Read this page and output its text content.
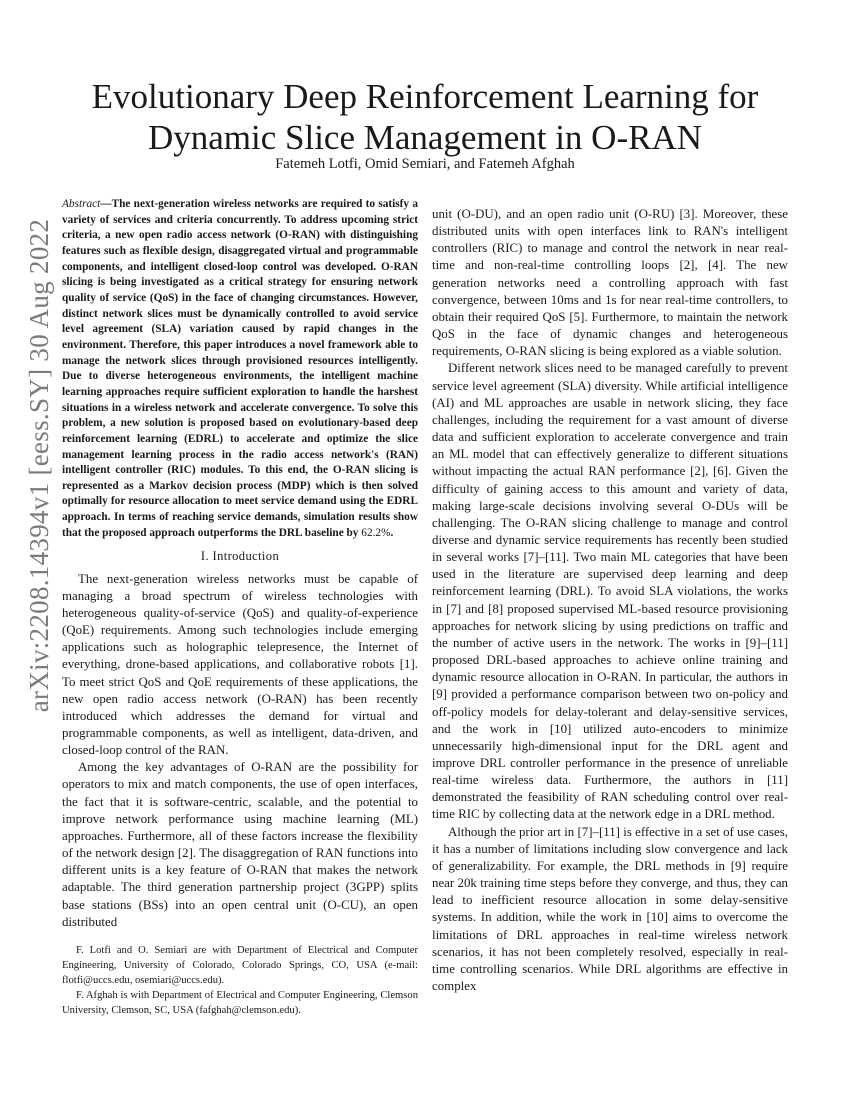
arXiv:2208.14394v1 [eess.SY] 30 Aug 2022
Evolutionary Deep Reinforcement Learning for Dynamic Slice Management in O-RAN
Fatemeh Lotfi, Omid Semiari, and Fatemeh Afghah

Abstract—The next-generation wireless networks are required to satisfy a variety of services and criteria concurrently. To address upcoming strict criteria, a new open radio access network (O-RAN) with distinguishing features such as flexible design, disaggregated virtual and programmable components, and intelligent closed-loop control was developed. O-RAN slicing is being investigated as a critical strategy for ensuring network quality of service (QoS) in the face of changing circumstances. However, distinct network slices must be dynamically controlled to avoid service level agreement (SLA) variation caused by rapid changes in the environment. Therefore, this paper introduces a novel framework able to manage the network slices through provisioned resources intelligently. Due to diverse heterogeneous environments, the intelligent machine learning approaches require sufficient exploration to handle the harshest situations in a wireless network and accelerate convergence. To solve this problem, a new solution is proposed based on evolutionary-based deep reinforcement learning (EDRL) to accelerate and optimize the slice management learning process in the radio access network's (RAN) intelligent controller (RIC) modules. To this end, the O-RAN slicing is represented as a Markov decision process (MDP) which is then solved optimally for resource allocation to meet service demand using the EDRL approach. In terms of reaching service demands, simulation results show that the proposed approach outperforms the DRL baseline by 62.2%.

I. Introduction

The next-generation wireless networks must be capable of managing a broad spectrum of wireless technologies with heterogeneous quality-of-service (QoS) and quality-of-experience (QoE) requirements. Among such technologies include emerging applications such as holographic telepresence, the Internet of everything, drone-based applications, and collaborative robots [1]. To meet strict QoS and QoE requirements of these applications, the new open radio access network (O-RAN) has been recently introduced which addresses the demand for virtual and programmable components, as well as intelligent, data-driven, and closed-loop control of the RAN.

Among the key advantages of O-RAN are the possibility for operators to mix and match components, the use of open interfaces, the fact that it is software-centric, scalable, and the potential to improve network performance using machine learning (ML) approaches. Furthermore, all of these factors increase the flexibility of the network design [2]. The disaggregation of RAN functions into different units is a key feature of O-RAN that makes the network adaptable. The third generation partnership project (3GPP) splits base stations (BSs) into an open central unit (O-CU), an open distributed

F. Lotfi and O. Semiari are with Department of Electrical and Computer Engineering, University of Colorado, Colorado Springs, CO, USA (e-mail: flotfi@uccs.edu, osemiari@uccs.edu).

F. Afghah is with Department of Electrical and Computer Engineering, Clemson University, Clemson, SC, USA (fafghah@clemson.edu).

unit (O-DU), and an open radio unit (O-RU) [3]. Moreover, these distributed units with open interfaces link to RAN's intelligent controllers (RIC) to manage and control the network in near real-time and non-real-time controlling loops [2], [4]. The new generation networks need a controlling approach with fast convergence, between 10ms and 1s for near real-time controllers, to obtain their required QoS [5]. Furthermore, to maintain the network QoS in the face of dynamic changes and heterogeneous requirements, O-RAN slicing is being explored as a viable solution.

Different network slices need to be managed carefully to prevent service level agreement (SLA) diversity. While artificial intelligence (AI) and ML approaches are usable in network slicing, they face challenges, including the requirement for a vast amount of diverse data and sufficient exploration to accelerate convergence and train an ML model that can effectively generalize to different situations without impacting the actual RAN performance [2], [6]. Given the difficulty of gaining access to this amount and variety of data, making large-scale decisions involving several O-DUs will be challenging. The O-RAN slicing challenge to manage and control diverse and dynamic service requirements has recently been studied in several works [7]–[11]. Two main ML categories that have been used in the literature are supervised deep learning and deep reinforcement learning (DRL). To avoid SLA violations, the works in [7] and [8] proposed supervised ML-based resource provisioning approaches for network slicing by using predictions on traffic and the number of active users in the network. The works in [9]–[11] proposed DRL-based approaches to achieve online training and dynamic resource allocation in O-RAN. In particular, the authors in [9] provided a performance comparison between two on-policy and off-policy models for delay-tolerant and delay-sensitive services, and the work in [10] utilized auto-encoders to minimize unnecessarily high-dimensional input for the DRL agent and improve DRL controller performance in the presence of unreliable real-time wireless data. Furthermore, the authors in [11] demonstrated the feasibility of RAN scheduling control over real-time RIC by collecting data at the network edge in a DRL method.

Although the prior art in [7]–[11] is effective in a set of use cases, it has a number of limitations including slow convergence and lack of generalizability. For example, the DRL methods in [9] require near 20k training time steps before they converge, and thus, they can lead to inefficient resource allocation in some delay-sensitive systems. In addition, while the work in [10] aims to overcome the limitations of DRL approaches in real-time wireless network scenarios, it has not been completely resolved, especially in real-time controlling scenarios. While DRL algorithms are effective in complex
